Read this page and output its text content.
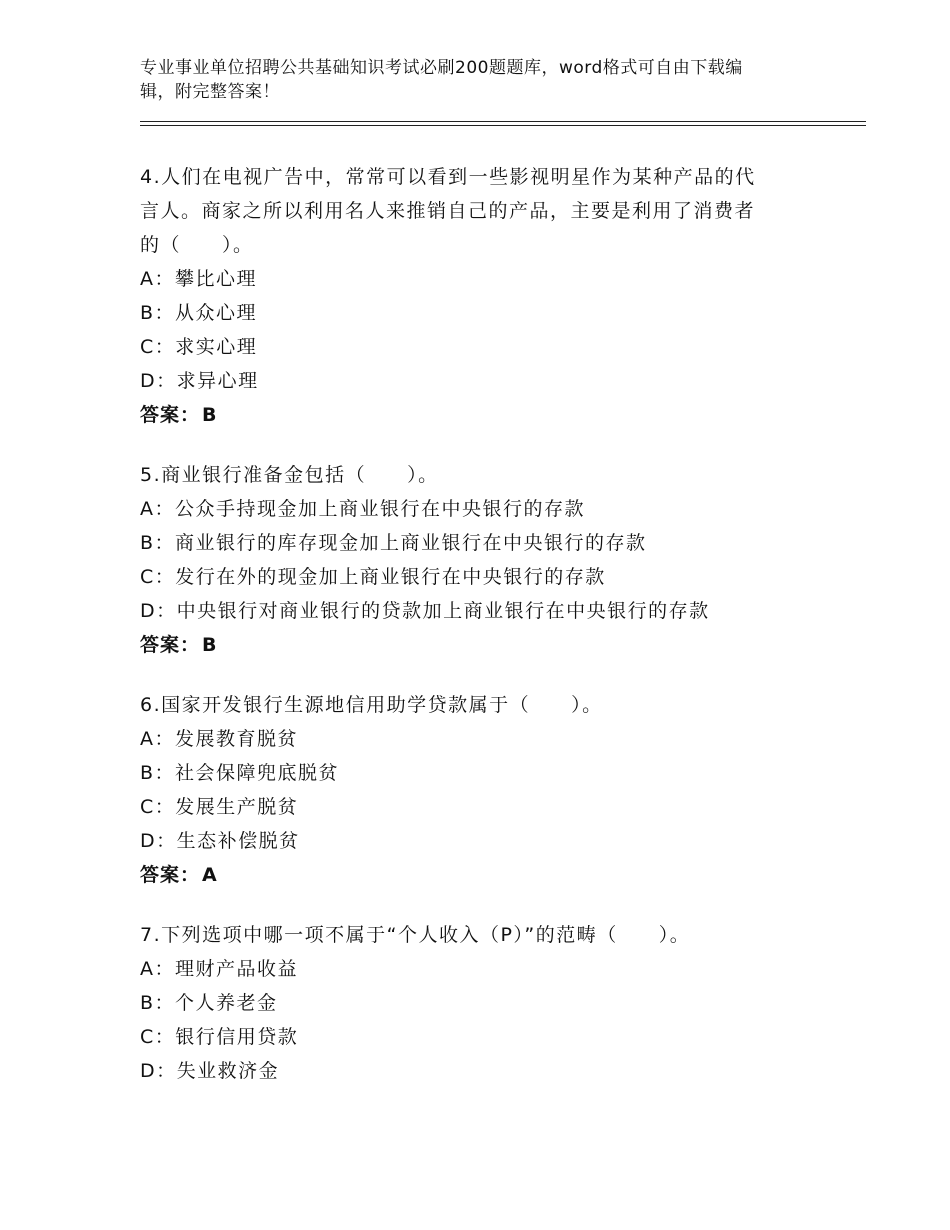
专业事业单位招聘公共基础知识考试必刷200题题库，word格式可自由下载编
辑，附完整答案！

4.人们在电视广告中，常常可以看到一些影视明星作为某种产品的代

言人。商家之所以利用名人来推销自己的产品，主要是利用了消费者

的（　　）。

A：攀比心理

B：从众心理

C：求实心理

D：求异心理

答案： B

5.商业银行准备金包括（　　）。

A：公众手持现金加上商业银行在中央银行的存款

B：商业银行的库存现金加上商业银行在中央银行的存款

C：发行在外的现金加上商业银行在中央银行的存款

D：中央银行对商业银行的贷款加上商业银行在中央银行的存款

答案： B

6.国家开发银行生源地信用助学贷款属于（　　）。

A：发展教育脱贫

B：社会保障兜底脱贫

C：发展生产脱贫

D：生态补偿脱贫

答案： A

7.下列选项中哪一项不属于“个人收入（P）”的范畴（　　）。

A：理财产品收益

B：个人养老金

C：银行信用贷款

D：失业救济金
